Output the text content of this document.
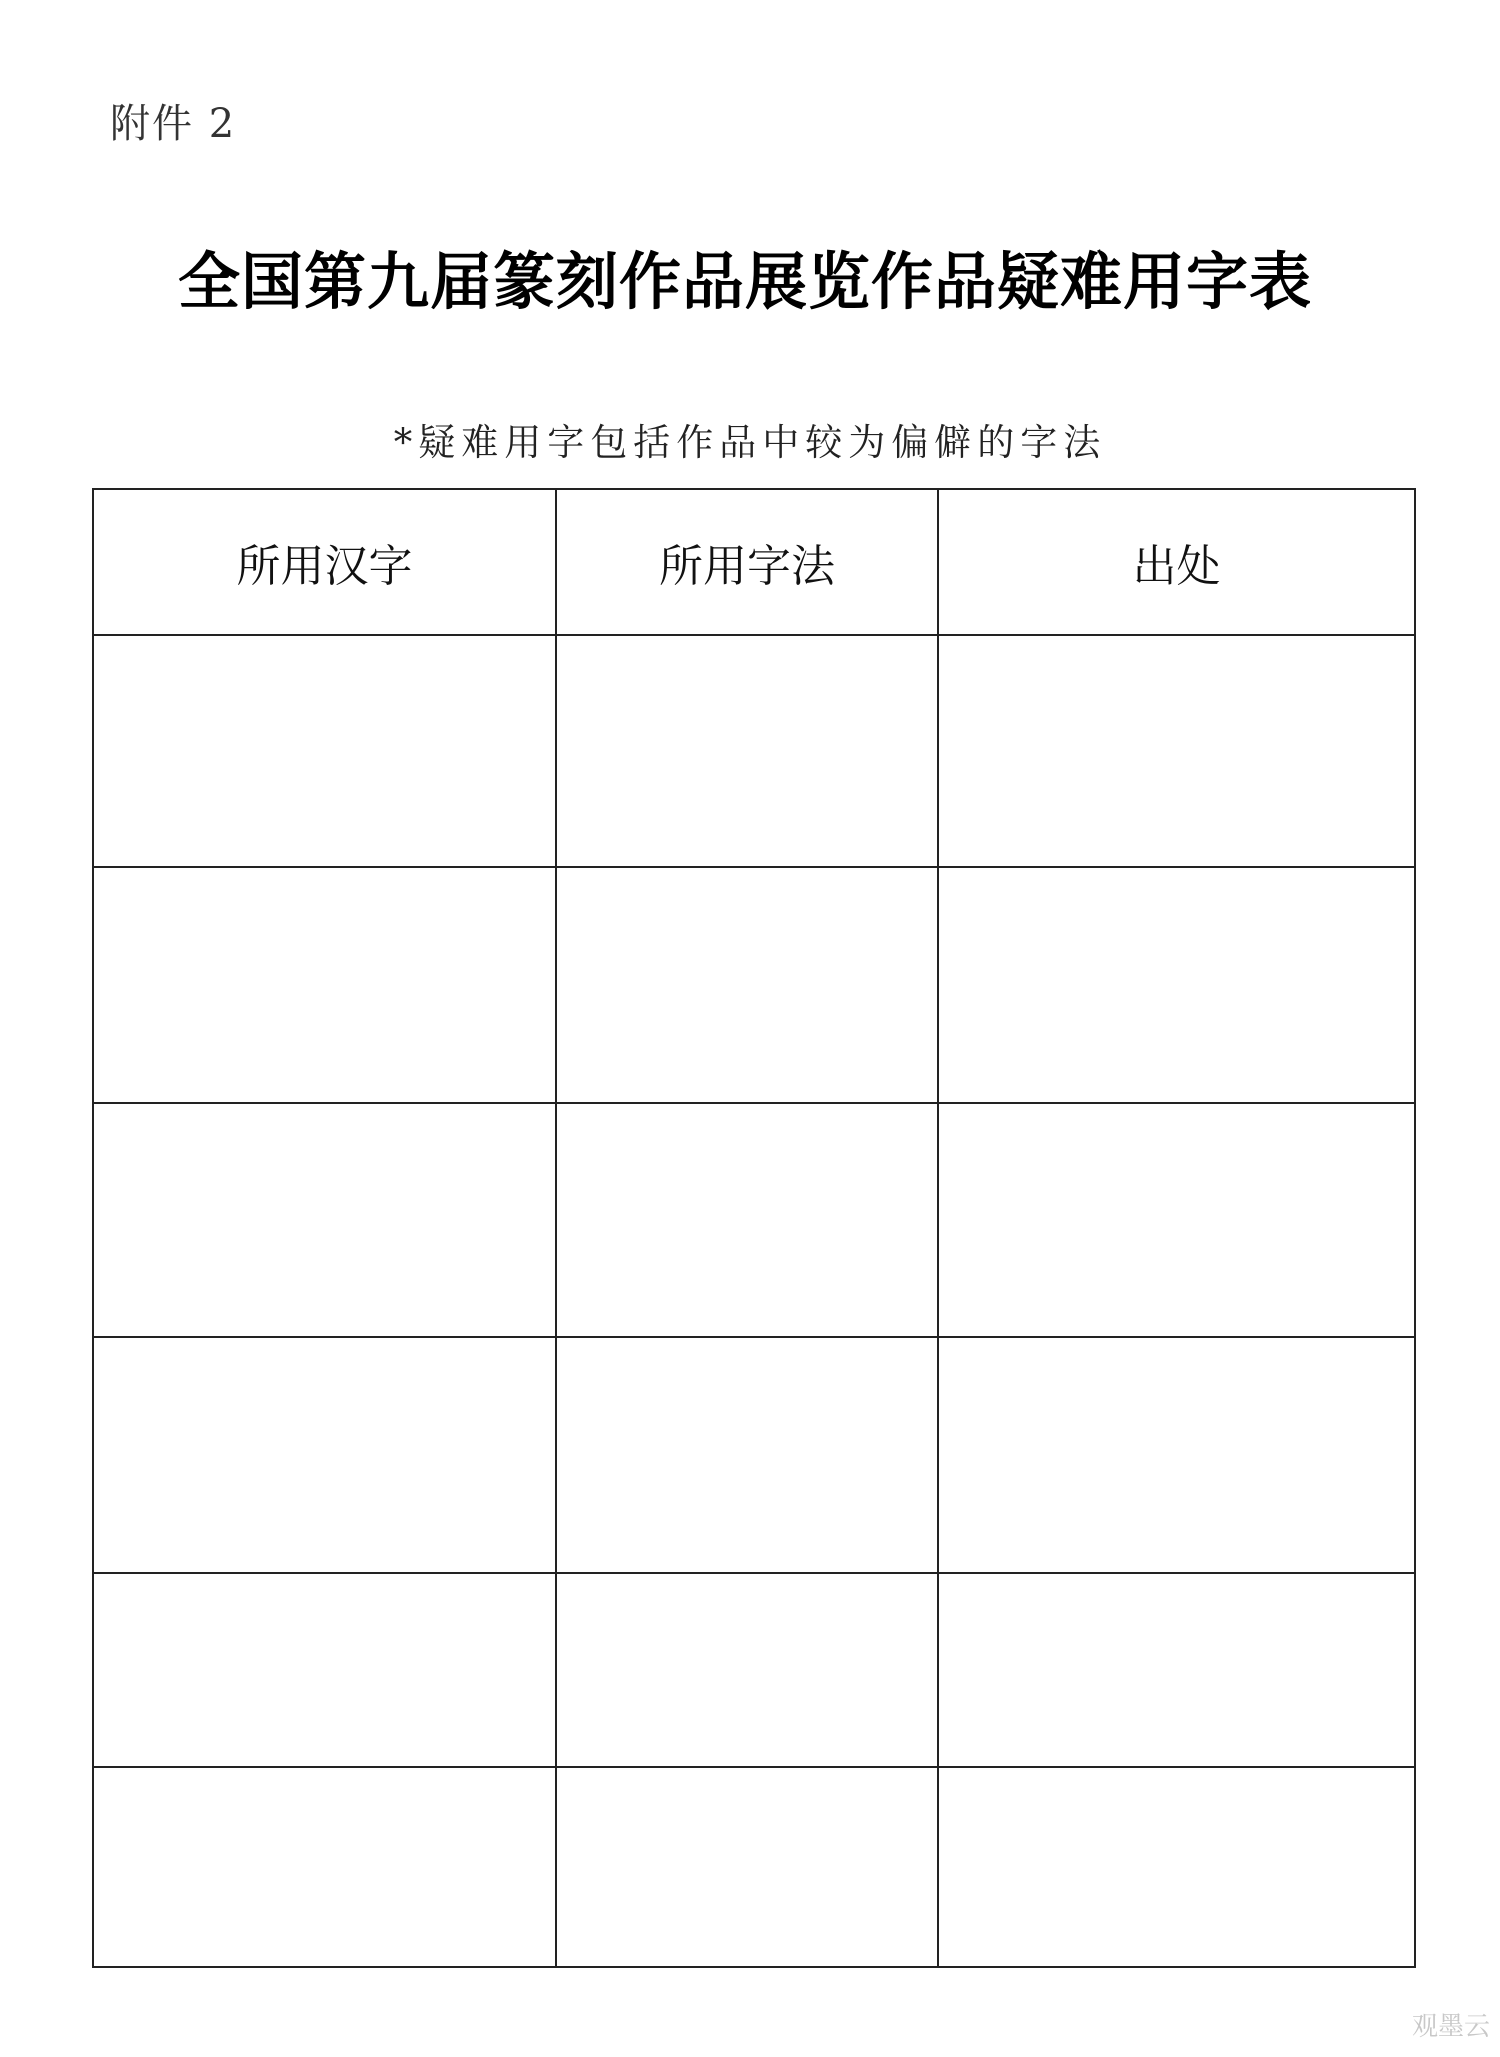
附件 2
全国第九届篆刻作品展览作品疑难用字表
*疑难用字包括作品中较为偏僻的字法
所用汉字	所用字法	出处

观墨云
